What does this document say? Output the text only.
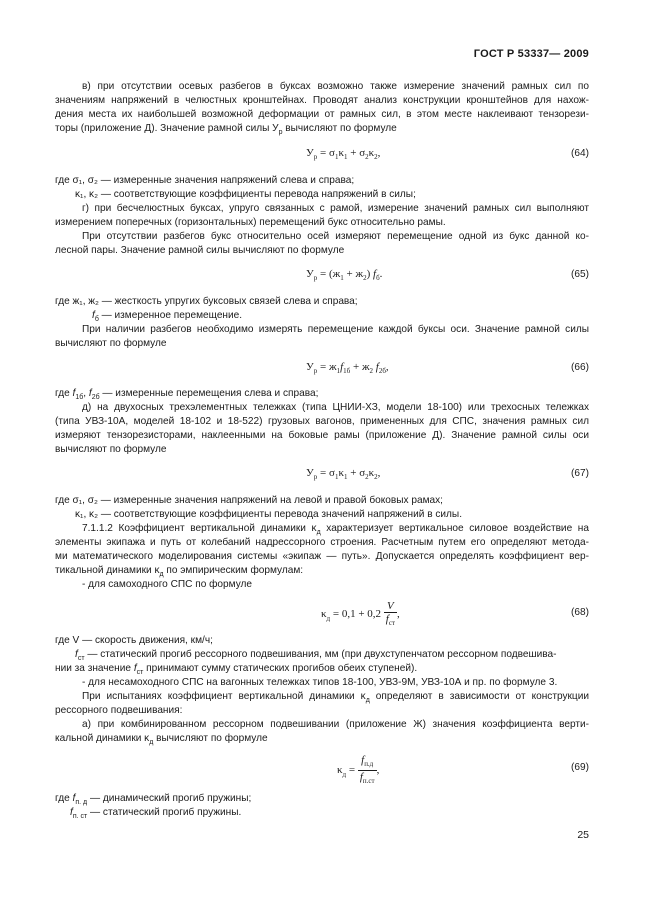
ГОСТ Р 53337— 2009
в) при отсутствии осевых разбегов в буксах возможно также измерение значений рамных сил по
значениям напряжений в челюстных кронштейнах. Проводят анализ конструкции кронштейнов для нахож-
дения места их наибольшей возможной деформации от рамных сил, в этом месте наклеивают тензорези-
торы (приложение Д). Значение рамной силы $У_р$ вычисляют по формуле
$У_р = \sigma_1\kappa_1 + \sigma_2\kappa_2$,	(64)
где σ₁, σ₂ — измеренные значения напряжений слева и справа;
κ₁, κ₂ — соответствующие коэффициенты перевода напряжений в силы;
г) при бесчелюстных буксах, упруго связанных с рамой, измерение значений рамных сил выполняют
измерением поперечных (горизонтальных) перемещений букс относительно рамы.
При отсутствии разбегов букс относительно осей измеряют перемещение одной из букс данной ко-
лесной пары. Значение рамной силы вычисляют по формуле
$У_р = (ж_1 + ж_2)$ $f_б$.	(65)
где ж₁, ж₂ — жесткость упругих буксовых связей слева и справа;
$f_б$ — измеренное перемещение.
При наличии разбегов необходимо измерять перемещение каждой буксы оси. Значение рамной силы
вычисляют по формуле
$У_р = ж_1f_{1б} + ж_2$ $f_{2б}$,	(66)
где $f_{1б}$, $f_{2б}$ — измеренные перемещения слева и справа;
д) на двухосных трехэлементных тележках (типа ЦНИИ-ХЗ, модели 18-100) или трехосных тележках
(типа УВЗ-10А, моделей 18-102 и 18-522) грузовых вагонов, примененных для СПС, значения рамных сил
измеряют тензорезисторами, наклеенными на боковые рамы (приложение Д). Значение рамной силы оси
вычисляют по формуле
$У_р = \sigma_1\kappa_1 + \sigma_2\kappa_2$,	(67)
где σ₁, σ₂ — измеренные значения напряжений на левой и правой боковых рамах;
κ₁, κ₂ — соответствующие коэффициенты перевода значений напряжений в силы.
7.1.1.2 Коэффициент вертикальной динамики $\kappa_д$ характеризует вертикальное силовое воздействие на
элементы экипажа и путь от колебаний надрессорного строения. Расчетным путем его определяют метода-
ми математического моделирования системы «экипаж — путь». Допускается определять коэффициент вер-
тикальной динамики $\kappa_д$ по эмпирическим формулам:
- для самоходного СПС по формуле
$\kappa_д = 0,1 + 0,2 \frac{V}{f_{ст}}$ ,	(68)
где V — скорость движения, км/ч;
$f_{ст}$ — статический прогиб рессорного подвешивания, мм (при двухступенчатом рессорном подвешива-
нии за значение $f_{ст}$ принимают сумму статических прогибов обеих ступеней).
- для несамоходного СПС на вагонных тележках типов 18-100, УВЗ-9М, УВЗ-10А и пр. по формуле 3.
При испытаниях коэффициент вертикальной динамики $\kappa_д$ определяют в зависимости от конструкции
рессорного подвешивания:
а) при комбинированном рессорном подвешивании (приложение Ж) значения коэффициента верти-
кальной динамики $\kappa_д$ вычисляют по формуле
$\kappa_д = \frac{f_{п.д}}{f_{п.ст}}$ ,	(69)
где $f_{п. д}$ — динамический прогиб пружины;
$f_{п. ст}$ — статический прогиб пружины.
25
